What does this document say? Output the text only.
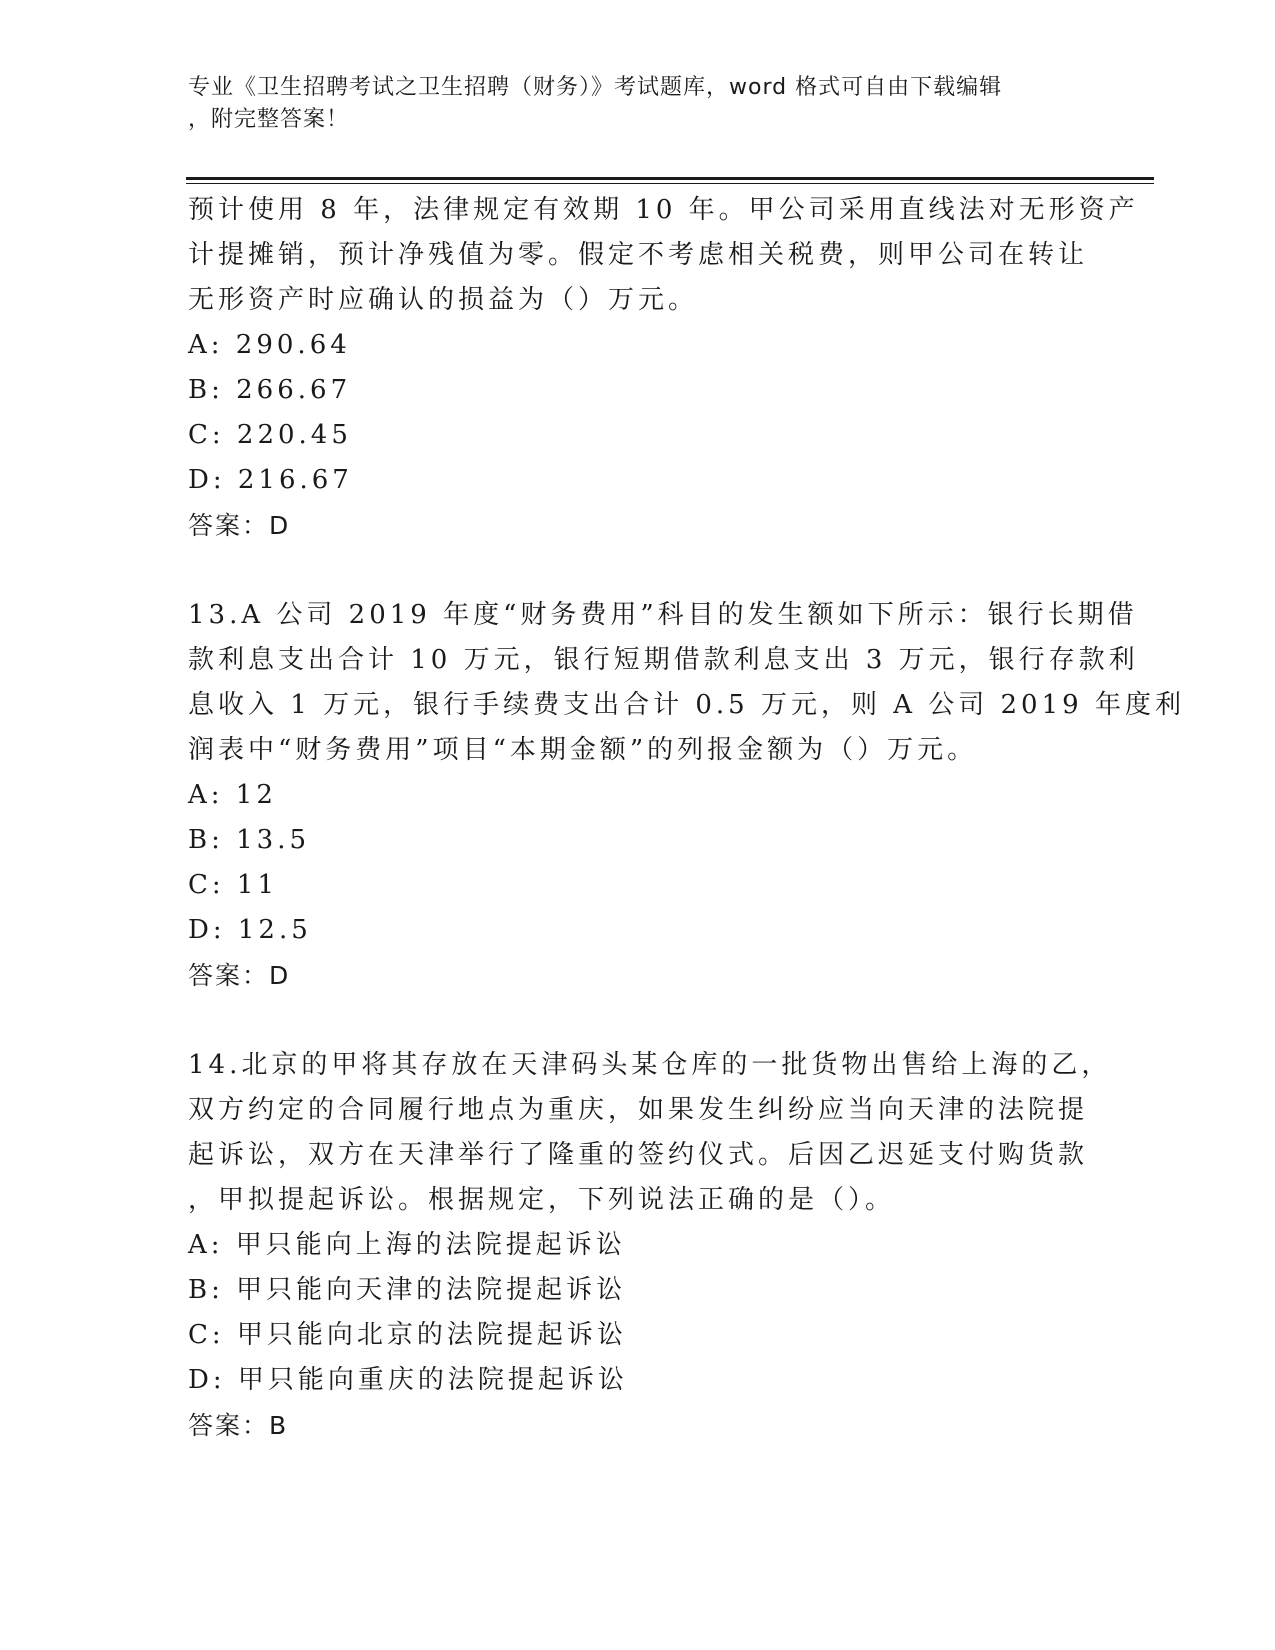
专业《卫生招聘考试之卫生招聘（财务）》考试题库，word 格式可自由下载编辑
，附完整答案！
预计使用 8 年，法律规定有效期 10 年。甲公司采用直线法对无形资产
计提摊销，预计净残值为零。假定不考虑相关税费，则甲公司在转让
无形资产时应确认的损益为（）万元。
A: 290.64
B: 266.67
C: 220.45
D: 216.67
答案：D
13.A 公司 2019 年度“财务费用”科目的发生额如下所示：银行长期借
款利息支出合计 10 万元，银行短期借款利息支出 3 万元，银行存款利
息收入 1 万元，银行手续费支出合计 0.5 万元，则 A 公司 2019 年度利
润表中“财务费用”项目“本期金额”的列报金额为（）万元。
A: 12
B: 13.5
C: 11
D: 12.5
答案：D
14.北京的甲将其存放在天津码头某仓库的一批货物出售给上海的乙，
双方约定的合同履行地点为重庆，如果发生纠纷应当向天津的法院提
起诉讼，双方在天津举行了隆重的签约仪式。后因乙迟延支付购货款
，甲拟提起诉讼。根据规定，下列说法正确的是（）。
A: 甲只能向上海的法院提起诉讼
B: 甲只能向天津的法院提起诉讼
C: 甲只能向北京的法院提起诉讼
D: 甲只能向重庆的法院提起诉讼
答案：B
